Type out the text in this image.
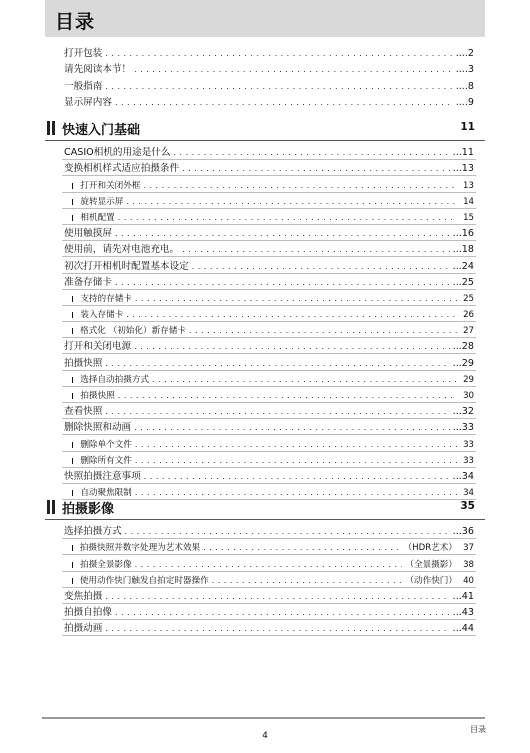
目录
打开包装 .....	....2
请先阅读本节！ .....	....3
一般指南 .....	....8
显示屏内容 .....	....9
快速入门基础	11
CASIO相机的用途是什么 .....	...11
变换相机样式适应拍摄条件 .....	...13
打开和关闭外框 .....	13
旋转显示屏 .....	14
相机配置 .....	15
使用触摸屏 .....	...16
使用前，请先对电池充电。 .....	...18
初次打开相机时配置基本设定 .....	...24
准备存储卡 .....	...25
支持的存储卡 .....	25
装入存储卡 .....	26
格式化 （初始化）新存储卡 .....	27
打开和关闭电源 .....	...28
拍摄快照 .....	...29
选择自动拍摄方式 .....	29
拍摄快照 .....	30
查看快照 .....	...32
删除快照和动画 .....	...33
删除单个文件 .....	33
删除所有文件 .....	33
快照拍摄注意事项 .....	...34
自动聚焦限制 .....	34
拍摄影像	35
选择拍摄方式 .....	...36
拍摄快照并数字处理为艺术效果 .....	（HDR艺术） 37
拍摄全景影像 .....	（全景摄影） 38
使用动作快门触发自拍定时器操作 .....	（动作快门） 40
变焦拍摄 .....	...41
拍摄自拍像 .....	...43
拍摄动画 .....	...44
目录
4
